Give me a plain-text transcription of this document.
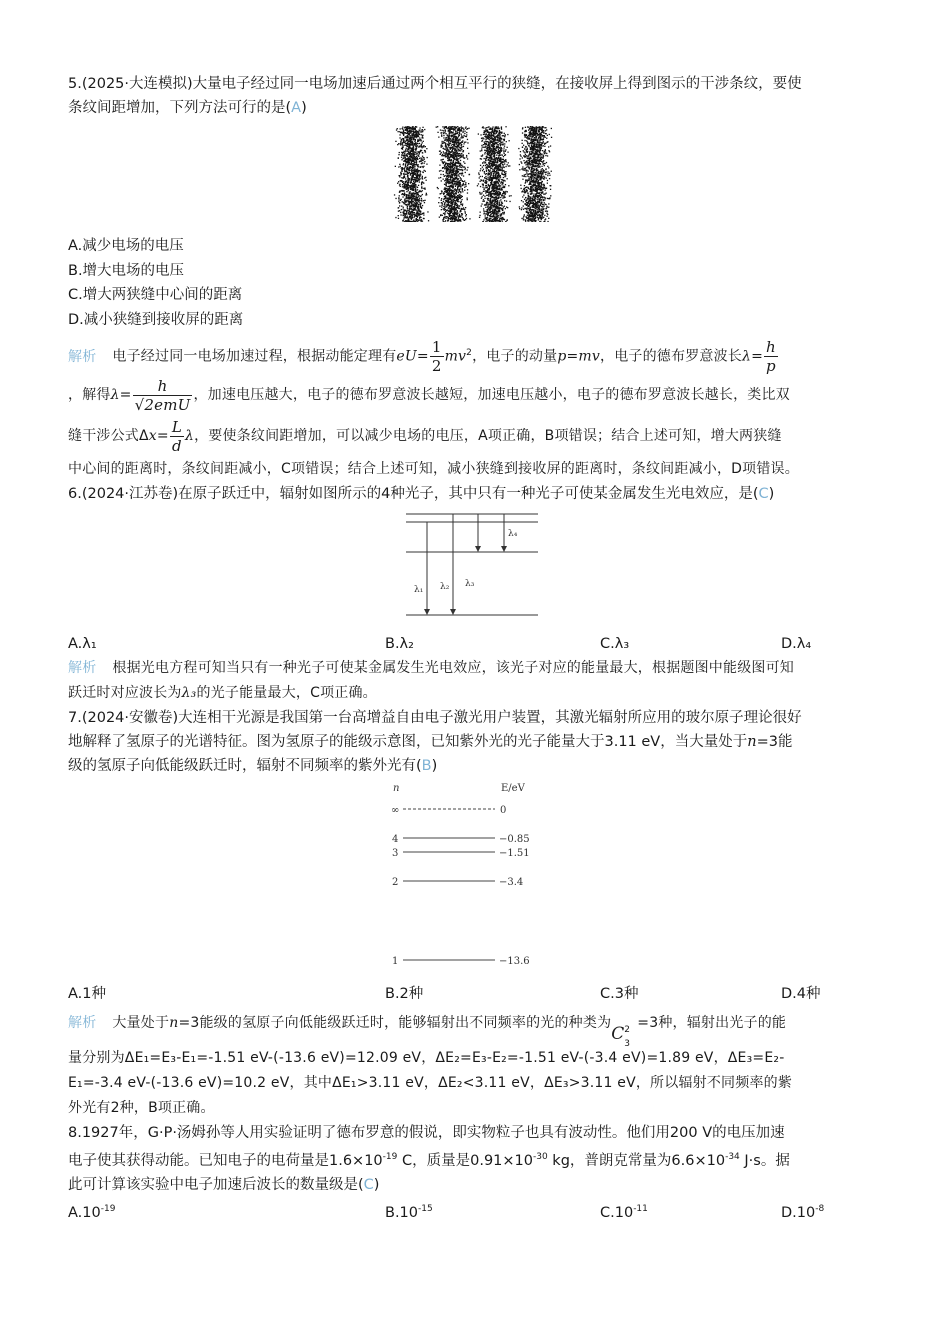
5.(2025·大连模拟)大量电子经过同一电场加速后通过两个相互平行的狭缝，在接收屏上得到图示的干涉条纹，要使

条纹间距增加，下列方法可行的是(A)

A.减少电场的电压

B.增大电场的电压

C.增大两狭缝中心间的距离

D.减小狭缝到接收屏的距离

解析 电子经过同一电场加速过程，根据动能定理有$eU= \frac{1}{2} mv^2$，电子的动量p=mv，电子的德布罗意波长$\lambda= \frac{h}{p}$

，解得$\lambda= \frac{h}{\text{√2emU}}$ ，加速电压越大，电子的德布罗意波长越短，加速电压越小，电子的德布罗意波长越长，类比双

缝干涉公式$\Delta x= \frac{L}{d}$ λ，要使条纹间距增加，可以减少电场的电压，A项正确，B项错误；结合上述可知，增大两狭缝

中心间的距离时，条纹间距减小，C项错误；结合上述可知，减小狭缝到接收屏的距离时，条纹间距减小，D项错误。

6.(2024·江苏卷)在原子跃迁中，辐射如图所示的4种光子，其中只有一种光子可使某金属发生光电效应，是(C)

λ₁ λ₂ λ₃
λ₄

A.λ₁	B.λ₂	C.λ₃	D.λ₄

解析 根据光电方程可知当只有一种光子可使某金属发生光电效应，该光子对应的能量最大，根据题图中能级图可知

跃迁时对应波长为λ₃的光子能量最大，C项正确。

7.(2024·安徽卷)大连相干光源是我国第一台高增益自由电子激光用户装置，其激光辐射所应用的玻尔原子理论很好

地解释了氢原子的光谱特征。图为氢原子的能级示意图，已知紫外光的光子能量大于3.11 eV，当大量处于n=3能

级的氢原子向低能级跃迁时，辐射不同频率的紫外光有(B)

n	E/eV
∞	0
4	−0.85
3	−1.51
2	−3.4
1	−13.6

A.1种	B.2种	C.3种	D.4种

解析 大量处于n=3能级的氢原子向低能级跃迁时，能够辐射出不同频率的光的种类为
C 2
3
=3种，辐射出光子的能

量分别为ΔE₁=E₃-E₁=-1.51 eV-(-13.6 eV)=12.09 eV，ΔE₂=E₃-E₂=-1.51 eV-(-3.4 eV)=1.89 eV，ΔE₃=E₂-

E₁=-3.4 eV-(-13.6 eV)=10.2 eV，其中ΔE₁>3.11 eV，ΔE₂<3.11 eV，ΔE₃>3.11 eV，所以辐射不同频率的紫

外光有2种，B项正确。

8.1927年，G·P·汤姆孙等人用实验证明了德布罗意的假说，即实物粒子也具有波动性。他们用200 V的电压加速

电子使其获得动能。已知电子的电荷量是$1.6\times 10^{-19}$ C，质量是$0.91\times 10^{-30}$ kg，普朗克常量为$6.6\times 10^{-34}$ J·s。据

此可计算该实验中电子加速后波长的数量级是(C)

$A.10^{-19}$	$B.10^{-15}$	$C.10^{-11}$	$D.10^{-8}$
